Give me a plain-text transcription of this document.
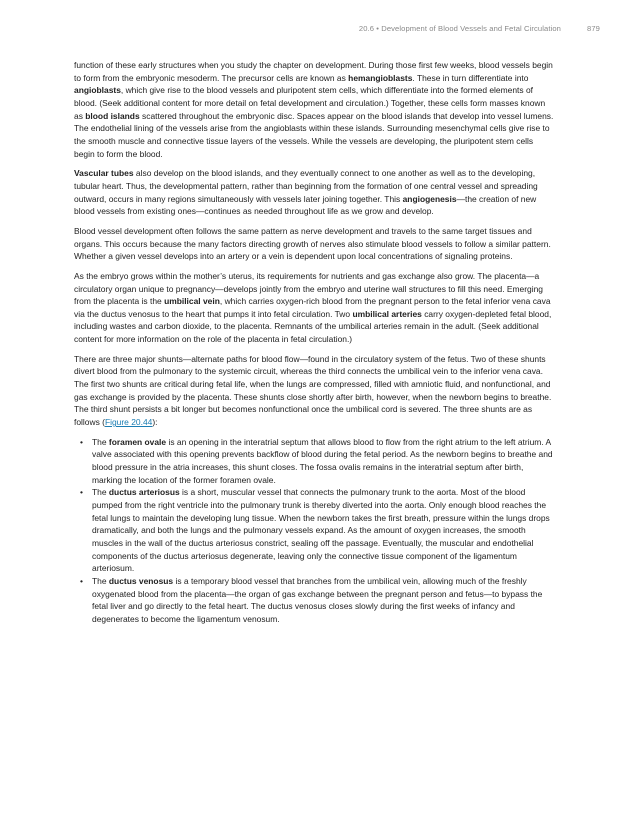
20.6 • Development of Blood Vessels and Fetal Circulation	879

function of these early structures when you study the chapter on development. During those first few weeks, blood vessels begin to form from the embryonic mesoderm. The precursor cells are known as hemangioblasts. These in turn differentiate into angioblasts, which give rise to the blood vessels and pluripotent stem cells, which differentiate into the formed elements of blood. (Seek additional content for more detail on fetal development and circulation.) Together, these cells form masses known as blood islands scattered throughout the embryonic disc. Spaces appear on the blood islands that develop into vessel lumens. The endothelial lining of the vessels arise from the angioblasts within these islands. Surrounding mesenchymal cells give rise to the smooth muscle and connective tissue layers of the vessels. While the vessels are developing, the pluripotent stem cells begin to form the blood.

Vascular tubes also develop on the blood islands, and they eventually connect to one another as well as to the developing, tubular heart. Thus, the developmental pattern, rather than beginning from the formation of one central vessel and spreading outward, occurs in many regions simultaneously with vessels later joining together. This angiogenesis—the creation of new blood vessels from existing ones—continues as needed throughout life as we grow and develop.

Blood vessel development often follows the same pattern as nerve development and travels to the same target tissues and organs. This occurs because the many factors directing growth of nerves also stimulate blood vessels to follow a similar pattern. Whether a given vessel develops into an artery or a vein is dependent upon local concentrations of signaling proteins.

As the embryo grows within the mother’s uterus, its requirements for nutrients and gas exchange also grow. The placenta—a circulatory organ unique to pregnancy—develops jointly from the embryo and uterine wall structures to fill this need. Emerging from the placenta is the umbilical vein, which carries oxygen-rich blood from the pregnant person to the fetal inferior vena cava via the ductus venosus to the heart that pumps it into fetal circulation. Two umbilical arteries carry oxygen-depleted fetal blood, including wastes and carbon dioxide, to the placenta. Remnants of the umbilical arteries remain in the adult. (Seek additional content for more information on the role of the placenta in fetal circulation.)

There are three major shunts—alternate paths for blood flow—found in the circulatory system of the fetus. Two of these shunts divert blood from the pulmonary to the systemic circuit, whereas the third connects the umbilical vein to the inferior vena cava. The first two shunts are critical during fetal life, when the lungs are compressed, filled with amniotic fluid, and nonfunctional, and gas exchange is provided by the placenta. These shunts close shortly after birth, however, when the newborn begins to breathe. The third shunt persists a bit longer but becomes nonfunctional once the umbilical cord is severed. The three shunts are as follows (Figure 20.44):

• The foramen ovale is an opening in the interatrial septum that allows blood to flow from the right atrium to the left atrium. A valve associated with this opening prevents backflow of blood during the fetal period. As the newborn begins to breathe and blood pressure in the atria increases, this shunt closes. The fossa ovalis remains in the interatrial septum after birth, marking the location of the former foramen ovale.
• The ductus arteriosus is a short, muscular vessel that connects the pulmonary trunk to the aorta. Most of the blood pumped from the right ventricle into the pulmonary trunk is thereby diverted into the aorta. Only enough blood reaches the fetal lungs to maintain the developing lung tissue. When the newborn takes the first breath, pressure within the lungs drops dramatically, and both the lungs and the pulmonary vessels expand. As the amount of oxygen increases, the smooth muscles in the wall of the ductus arteriosus constrict, sealing off the passage. Eventually, the muscular and endothelial components of the ductus arteriosus degenerate, leaving only the connective tissue component of the ligamentum arteriosum.
• The ductus venosus is a temporary blood vessel that branches from the umbilical vein, allowing much of the freshly oxygenated blood from the placenta—the organ of gas exchange between the pregnant person and fetus—to bypass the fetal liver and go directly to the fetal heart. The ductus venosus closes slowly during the first weeks of infancy and degenerates to become the ligamentum venosum.
